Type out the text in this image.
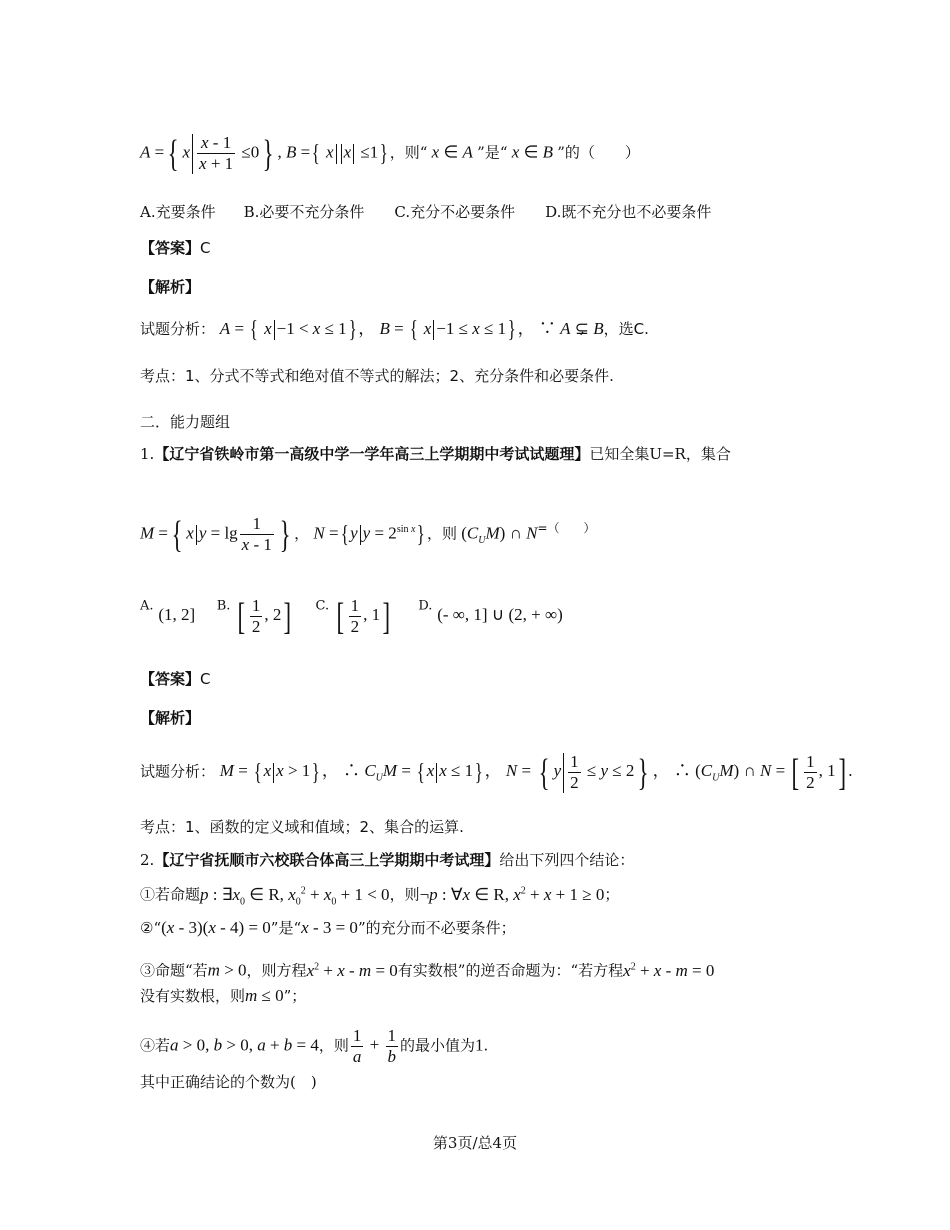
A ={ x $\frac{x - 1}{x + 1} \le 0$} , B ={ x x ≤1} ，则“ x ∈ A ”是“ x ∈ B ”的（　　）
A.充要条件 B.必要不充分条件 C.充分不必要条件 D.既不充分也不必要条件
【答案】C
【解析】
试题分析： A = { x −1 < x ≤ 1} ， B = { x −1 ≤ x ≤ 1} ， ∵ A ⊊ B，选C.
考点：1、分式不等式和绝对值不等式的解法；2、充分条件和必要条件.
二．能力题组
1.【辽宁省铁岭市第一高级中学一学年高三上学期期中考试试题理】已知全集U=R，集合
M ={ x $y = \lg \frac{1}{x - 1}$ } ， N ={ y $y = 2^{sin x}$} ，则 $(C_UM)$ ∩ N=（　　）
A. (1, 2] B. [ $\frac{1}{2}$ , 2] C. [ $\frac{1}{2}$ , 1] D. (- ∞, 1] ∪ (2, + ∞)
【答案】C
【解析】
试题分析： M = { x x > 1} ， ∴ $C_UM$ = { x x ≤ 1} ， N = { y $\frac{1}{2} \le y \le 2$} ， ∴ $(C_UM)$ ∩ N = [ $\frac{1}{2}$ , 1] .
考点：1、函数的定义域和值域；2、集合的运算.
2.【辽宁省抚顺市六校联合体高三上学期期中考试理】给出下列四个结论：
①若命题p : $\exists x_0$ ∈ R, $x_0^2 + x_0 + 1 < 0$，则¬p : ∀x ∈ R, $x^2 + x + 1 \ge 0$；
②“(x - 3)(x - 4) = 0”是“x - 3 = 0”的充分而不必要条件；
③命题“若m > 0，则方程$x^2 + x - m = 0$有实数根”的逆否命题为：“若方程$x^2 + x - m = 0$
没有实数根，则m ≤ 0”；
④若a > 0, b > 0, a + b = 4，则 $\frac{1}{a} + \frac{1}{b}$ 的最小值为1.
其中正确结论的个数为(　)
第3页/总4页
